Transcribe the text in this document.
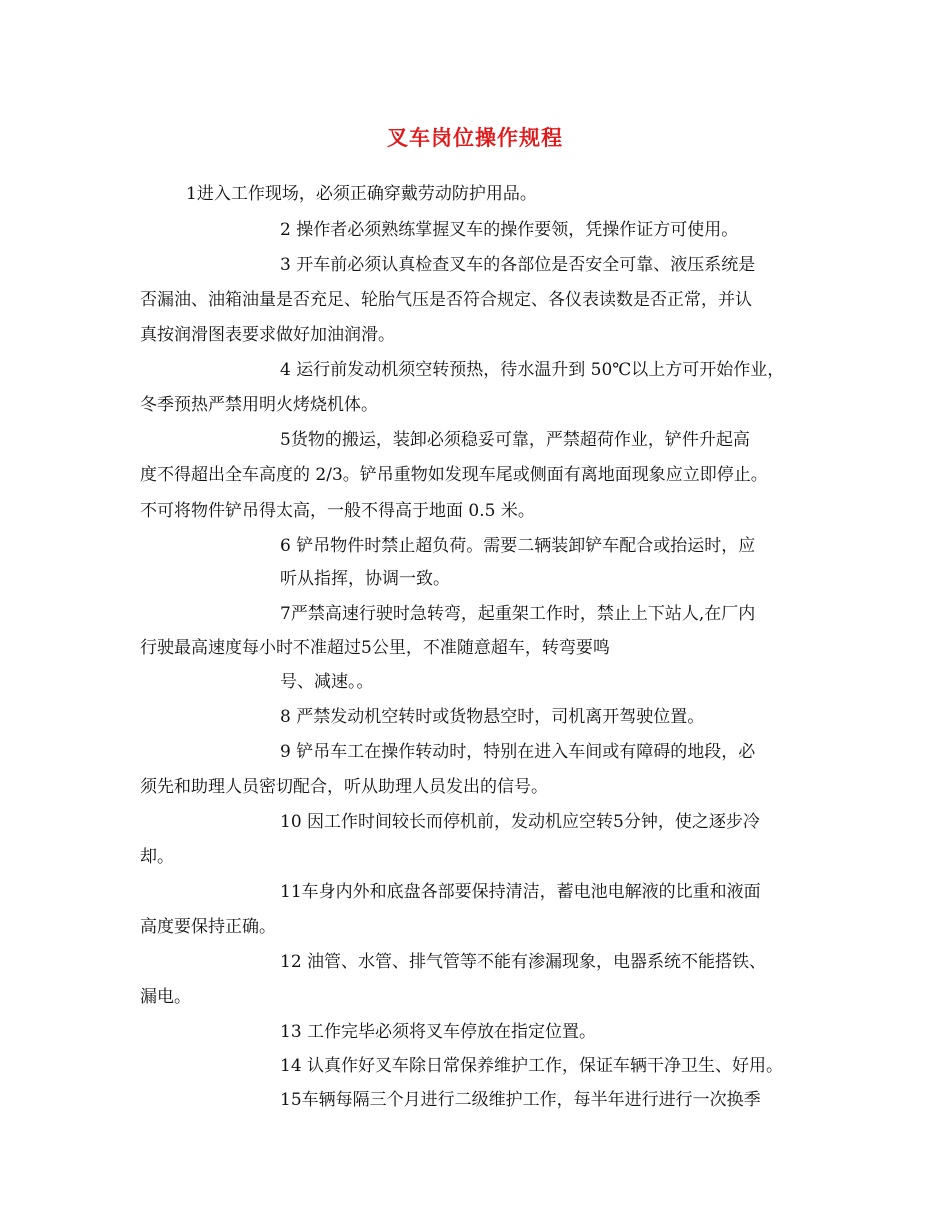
叉车岗位操作规程
1进入工作现场，必须正确穿戴劳动防护用品。
2 操作者必须熟练掌握叉车的操作要领，凭操作证方可使用。
3 开车前必须认真检查叉车的各部位是否安全可靠、液压系统是
否漏油、油箱油量是否充足、轮胎气压是否符合规定、各仪表读数是否正常，并认
真按润滑图表要求做好加油润滑。
4 运行前发动机须空转预热，待水温升到 50℃以上方可开始作业，
冬季预热严禁用明火烤烧机体。
5货物的搬运，装卸必须稳妥可靠，严禁超荷作业，铲件升起高
度不得超出全车高度的 2/3。铲吊重物如发现车尾或侧面有离地面现象应立即停止。
不可将物件铲吊得太高，一般不得高于地面 0.5 米。
6 铲吊物件时禁止超负荷。需要二辆装卸铲车配合或抬运时，应
听从指挥，协调一致。
7严禁高速行驶时急转弯，起重架工作时，禁止上下站人,在厂内
行驶最高速度每小时不准超过5公里，不准随意超车，转弯要鸣
号、减速。。
8 严禁发动机空转时或货物悬空时，司机离开驾驶位置。
9 铲吊车工在操作转动时，特别在进入车间或有障碍的地段，必
须先和助理人员密切配合，听从助理人员发出的信号。
10 因工作时间较长而停机前，发动机应空转5分钟，使之逐步冷
却。
11车身内外和底盘各部要保持清洁，蓄电池电解液的比重和液面
高度要保持正确。
12 油管、水管、排气管等不能有渗漏现象，电器系统不能搭铁、
漏电。
13 工作完毕必须将叉车停放在指定位置。
14 认真作好叉车除日常保养维护工作，保证车辆干净卫生、好用。
15车辆每隔三个月进行二级维护工作，每半年进行进行一次换季
